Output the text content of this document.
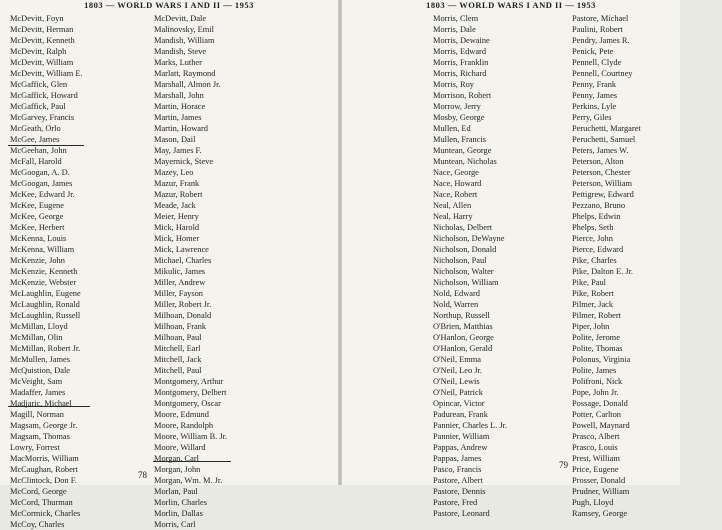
1803 — WORLD WARS I AND II — 1953
McDevitt, Foyn
McDevitt, Herman
McDevitt, Kenneth
McDevitt, Ralph
McDevitt, William
McDevitt, William E.
McGaffick, Glen
McGaffick, Howard
McGaffick, Paul
McGarvey, Francis
McGeath, Orlo
McGee, James
McGeehan, John
McFall, Harold
McGoogan, A. D.
McGoogan, James
McKee, Edward Jr.
McKee, Eugene
McKee, George
McKee, Herbert
McKenna, Louis
McKenna, William
McKenzie, John
McKenzie, Kenneth
McKenzie, Webster
McLaughlin, Eugene
McLaughlin, Ronald
McLaughlin, Russell
McMillan, Lloyd
McMillan, Olin
McMillan, Robert Jr.
McMullen, James
McQuistion, Dale
McVeight, Sam
Madaffer, James
Madjaric, Michael
Magill, Norman
Magsam, George Jr.
Magsam, Thomas
Lowry, Forrest
MacMorris, William
McCaughan, Robert
McClintock, Don F.
McCord, George
McCord, Thurman
McCormick, Charles
McCoy, Charles
McDevitt, Dale
Malinovsky, Emil
Mandish, William
Mandish, Steve
Marks, Luther
Marlatt, Raymond
Marshall, Almon Jr.
Marshall, John
Martin, Horace
Martin, James
Martin, Howard
Mason, Dail
May, James F.
Mayernick, Steve
Mazey, Leo
Mazur, Frank
Mazur, Robert
Meade, Jack
Meier, Henry
Mick, Harold
Mick, Homer
Mick, Lawrence
Michael, Charles
Mikulic, James
Miller, Andrew
Miller, Fayson
Miller, Robert Jr.
Milhoan, Donald
Milhoan, Frank
Milhoan, Paul
Mitchell, Earl
Mitchell, Jack
Mitchell, Paul
Montgomery, Arthur
Montgomery, Delbert
Montgomery, Oscar
Moore, Edmund
Moore, Randolph
Moore, William B. Jr.
Moore, Willard
Morgan, Carl
Morgan, John
Morgan, Wm. M. Jr.
Morlan, Paul
Morlin, Charles
Morlin, Dallas
Morris, Carl
78
1803 — WORLD WARS I AND II — 1953
Morris, Clem
Morris, Dale
Morris, Dewaine
Morris, Edward
Morris, Franklin
Morris, Richard
Morris, Roy
Morrison, Robert
Morrow, Jerry
Mosby, George
Mullen, Ed
Mullen, Francis
Muntean, George
Muntean, Nicholas
Nace, George
Nace, Howard
Nace, Robert
Neal, Allen
Neal, Harry
Nicholas, Delbert
Nicholson, DeWayne
Nicholson, Donald
Nicholson, Paul
Nicholson, Walter
Nicholson, William
Nold, Edward
Nold, Warren
Northup, Russell
O'Brien, Matthias
O'Hanlon, George
O'Hanlon, Gerald
O'Neil, Emma
O'Neil, Leo Jr.
O'Neil, Lewis
O'Neil, Patrick
Opincar, Victor
Padurean, Frank
Pannier, Charles L. Jr.
Pannier, William
Pappas, Andrew
Pappas, James
Pasco, Francis
Pastore, Albert
Pastore, Dennis
Pastore, Fred
Pastore, Leonard
Pastore, Michael
Paulini, Robert
Pendry, James R.
Penick, Pete
Pennell, Clyde
Pennell, Courtney
Penny, Frank
Penny, James
Perkins, Lyle
Perry, Giles
Peruchetti, Margaret
Peruchetti, Samuel
Peters, James W.
Peterson, Alton
Peterson, Chester
Peterson, William
Pettigrew, Edward
Pezzano, Bruno
Phelps, Edwin
Phelps, Seth
Pierce, John
Pierce, Edward
Pike, Charles
Pike, Dalton E. Jr.
Pike, Paul
Pike, Robert
Pilmer, Jack
Pilmer, Robert
Piper, John
Polite, Jerome
Polite, Thomas
Polonus, Virginia
Polite, James
Polifroni, Nick
Pope, John Jr.
Possage, Donald
Potter, Carlton
Powell, Maynard
Prasco, Albert
Prasco, Louis
Prest, William
Price, Eugene
Prosser, Donald
Prudner, William
Pugh, Lloyd
Ramsey, George
79
